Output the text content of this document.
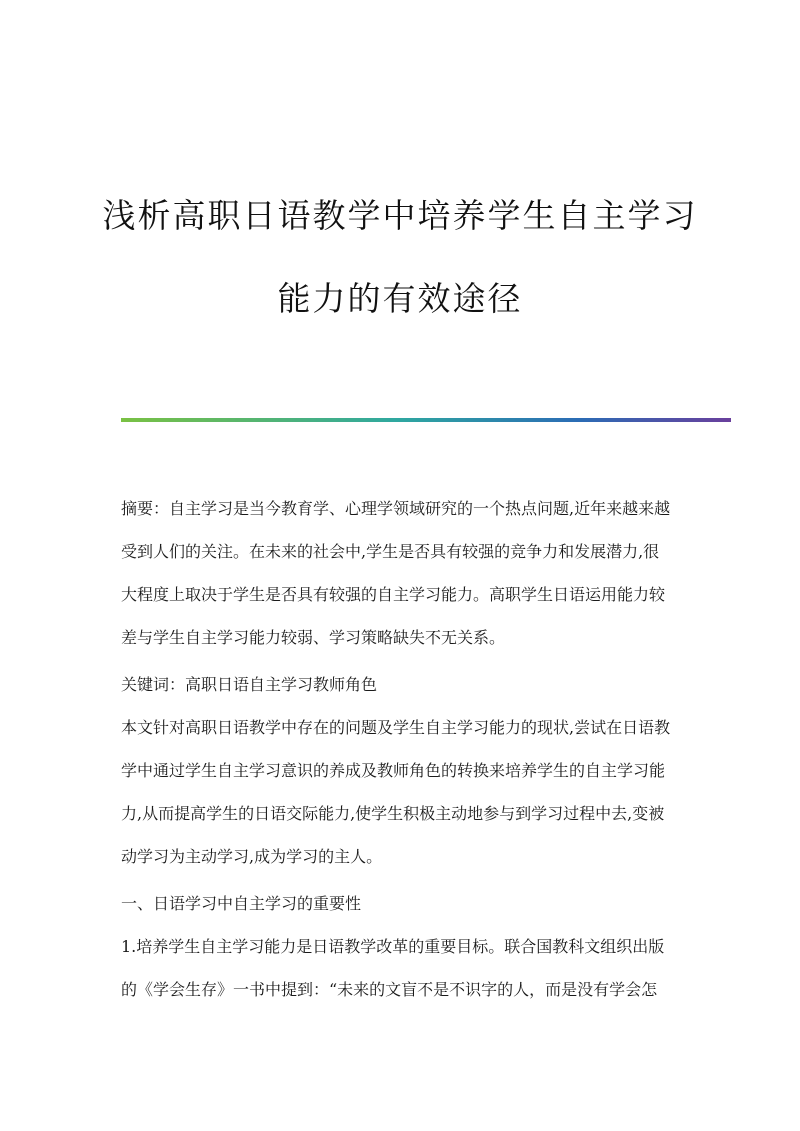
浅析高职日语教学中培养学生自主学习
能力的有效途径
摘要：自主学习是当今教育学、心理学领域研究的一个热点问题,近年来越来越
受到人们的关注。在未来的社会中,学生是否具有较强的竞争力和发展潜力,很
大程度上取决于学生是否具有较强的自主学习能力。高职学生日语运用能力较
差与学生自主学习能力较弱、学习策略缺失不无关系。
关键词：高职日语自主学习教师角色
本文针对高职日语教学中存在的问题及学生自主学习能力的现状,尝试在日语教
学中通过学生自主学习意识的养成及教师角色的转换来培养学生的自主学习能
力,从而提高学生的日语交际能力,使学生积极主动地参与到学习过程中去,变被
动学习为主动学习,成为学习的主人。
一、日语学习中自主学习的重要性
1.培养学生自主学习能力是日语教学改革的重要目标。联合国教科文组织出版
的《学会生存》一书中提到：“未来的文盲不是不识字的人，而是没有学会怎
